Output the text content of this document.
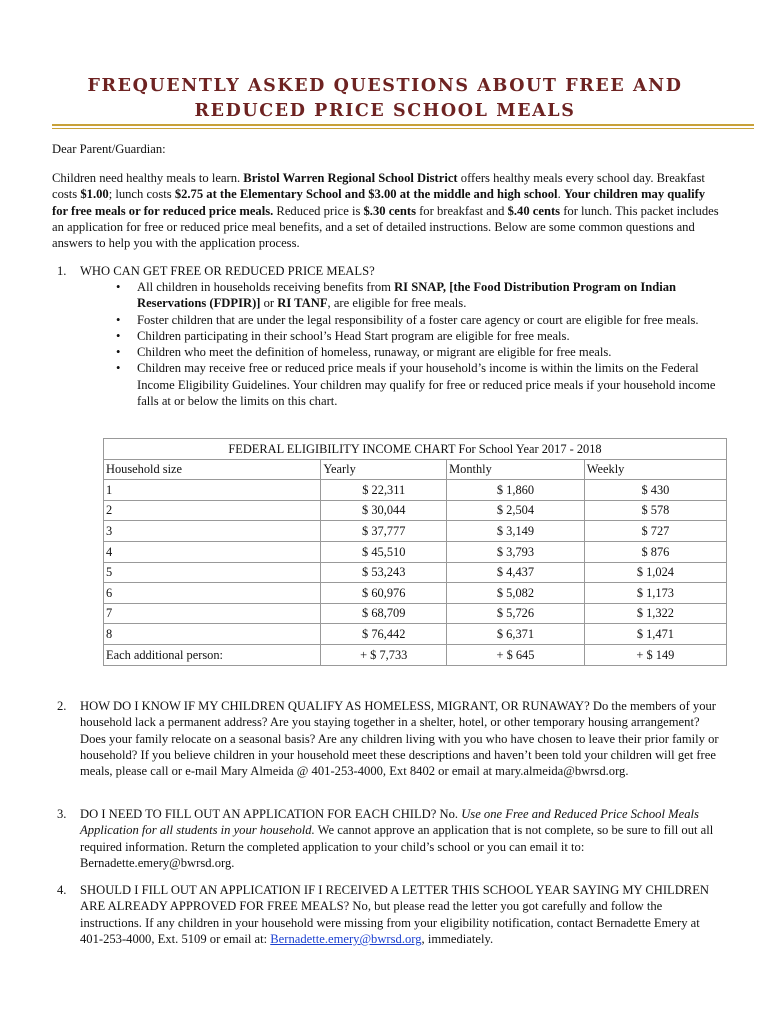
FREQUENTLY ASKED QUESTIONS ABOUT FREE AND
REDUCED PRICE SCHOOL MEALS
Dear Parent/Guardian:
Children need healthy meals to learn. Bristol Warren Regional School District offers healthy meals every school day. Breakfast costs $1.00; lunch costs $2.75 at the Elementary School and $3.00 at the middle and high school. Your children may qualify for free meals or for reduced price meals. Reduced price is $.30 cents for breakfast and $.40 cents for lunch. This packet includes an application for free or reduced price meal benefits, and a set of detailed instructions. Below are some common questions and answers to help you with the application process.
1.	WHO CAN GET FREE OR REDUCED PRICE MEALS?
• All children in households receiving benefits from RI SNAP, [the Food Distribution Program on Indian Reservations (FDPIR)] or RI TANF, are eligible for free meals.
• Foster children that are under the legal responsibility of a foster care agency or court are eligible for free meals.
• Children participating in their school’s Head Start program are eligible for free meals.
• Children who meet the definition of homeless, runaway, or migrant are eligible for free meals.
• Children may receive free or reduced price meals if your household’s income is within the limits on the Federal Income Eligibility Guidelines. Your children may qualify for free or reduced price meals if your household income falls at or below the limits on this chart.
FEDERAL ELIGIBILITY INCOME CHART For School Year 2017 - 2018			
Household size	Yearly	Monthly	Weekly
1	$ 22,311	$ 1,860	$ 430
2	$ 30,044	$ 2,504	$ 578
3	$ 37,777	$ 3,149	$ 727
4	$ 45,510	$ 3,793	$ 876
5	$ 53,243	$ 4,437	$ 1,024
6	$ 60,976	$ 5,082	$ 1,173
7	$ 68,709	$ 5,726	$ 1,322
8	$ 76,442	$ 6,371	$ 1,471
Each additional person:	+ $ 7,733	+ $ 645	+ $ 149
2.	HOW DO I KNOW IF MY CHILDREN QUALIFY AS HOMELESS, MIGRANT, OR RUNAWAY? Do the members of your household lack a permanent address? Are you staying together in a shelter, hotel, or other temporary housing arrangement? Does your family relocate on a seasonal basis? Are any children living with you who have chosen to leave their prior family or household? If you believe children in your household meet these descriptions and haven’t been told your children will get free meals, please call or e-mail Mary Almeida @ 401-253-4000, Ext 8402 or email at mary.almeida@bwrsd.org.
3.	DO I NEED TO FILL OUT AN APPLICATION FOR EACH CHILD? No. Use one Free and Reduced Price School Meals Application for all students in your household. We cannot approve an application that is not complete, so be sure to fill out all required information. Return the completed application to your child’s school or you can email it to: Bernadette.emery@bwrsd.org.
4.	SHOULD I FILL OUT AN APPLICATION IF I RECEIVED A LETTER THIS SCHOOL YEAR SAYING MY CHILDREN ARE ALREADY APPROVED FOR FREE MEALS? No, but please read the letter you got carefully and follow the instructions. If any children in your household were missing from your eligibility notification, contact Bernadette Emery at 401-253-4000, Ext. 5109 or email at: Bernadette.emery@bwrsd.org, immediately.
